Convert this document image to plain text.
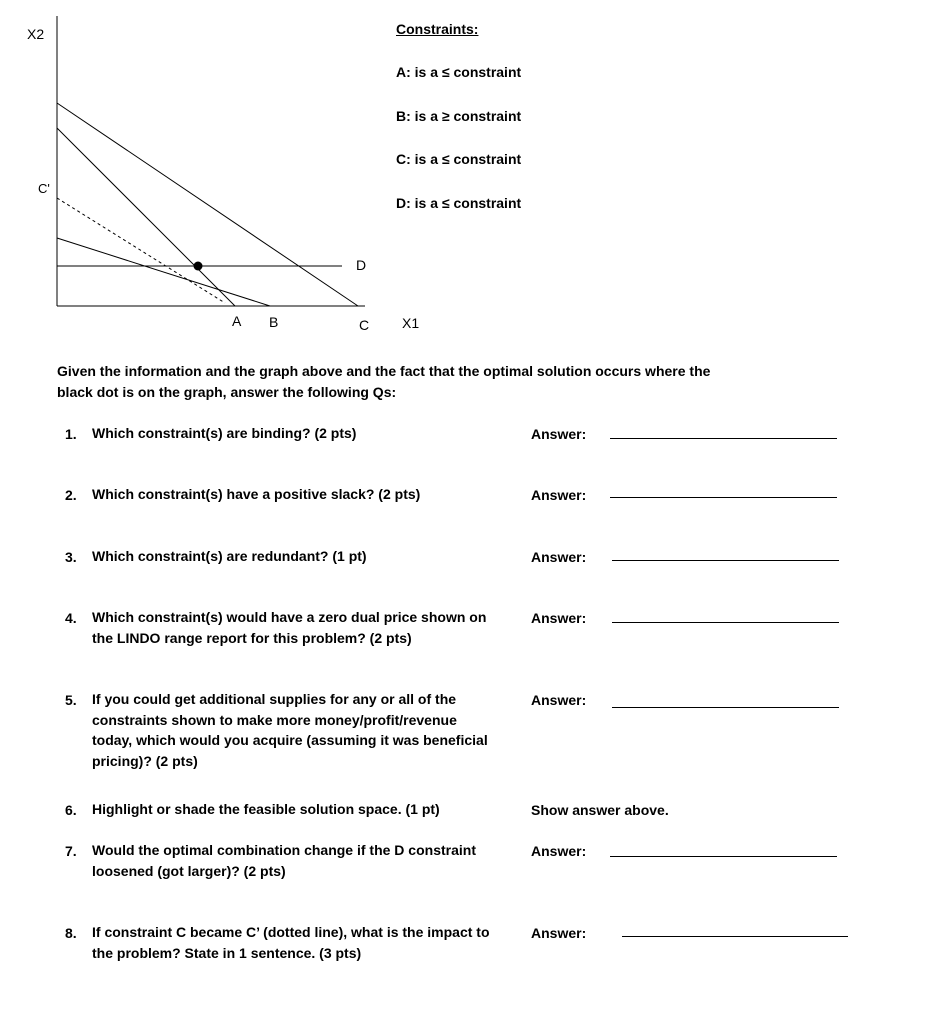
X2
C'
D
A B	C X1
Constraints:
A: is a ≤ constraint
B: is a ≥ constraint
C: is a ≤ constraint
D: is a ≤ constraint
Given the information and the graph above and the fact that the optimal solution occurs where the
black dot is on the graph, answer the following Qs:
1. Which constraint(s) are binding? (2 pts)	Answer:
2. Which constraint(s) have a positive slack? (2 pts)	Answer:
3. Which constraint(s) are redundant? (1 pt)	Answer:
4. Which constraint(s) would have a zero dual price shown on
the LINDO range report for this problem? (2 pts)
Answer:
5. If you could get additional supplies for any or all of the
constraints shown to make more money/profit/revenue
today, which would you acquire (assuming it was beneficial
pricing)? (2 pts)
Answer:
6. Highlight or shade the feasible solution space. (1 pt)	Show answer above.
7. Would the optimal combination change if the D constraint
loosened (got larger)? (2 pts)
Answer:
8. If constraint C became C’ (dotted line), what is the impact to
the problem? State in 1 sentence. (3 pts)
Answer:
